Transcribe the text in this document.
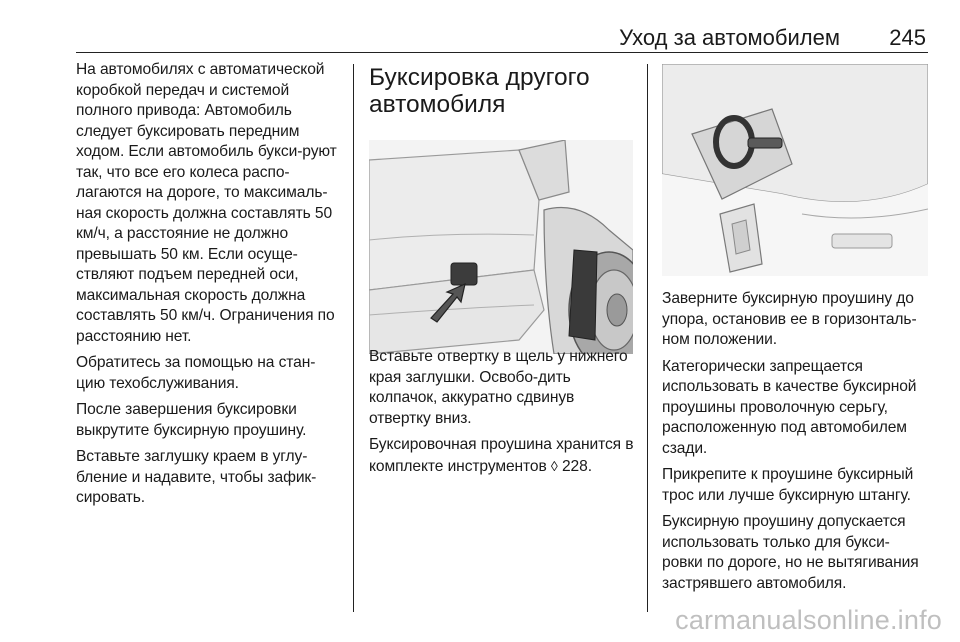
Уход за автомобилем 245

На автомобилях с автоматической коробкой передач и системой полного привода: Автомобиль следует буксировать передним ходом. Если автомобиль букси-руют так, что все его колеса распо-лагаются на дороге, то максималь-ная скорость должна составлять 50 км/ч, а расстояние не должно превышать 50 км. Если осуще-ствляют подъем передней оси, максимальная скорость должна составлять 50 км/ч. Ограничения по расстоянию нет.

Обратитесь за помощью на стан-цию техобслуживания.

После завершения буксировки выкрутите буксирную проушину.

Вставьте заглушку краем в углу-бление и надавите, чтобы зафик-сировать.

Буксировка другого автомобиля

Вставьте отвертку в щель у нижнего края заглушки. Освобо-дить колпачок, аккуратно сдвинув отвертку вниз.

Буксировочная проушина хранится в комплекте инструментов ◊ 228.

Заверните буксирную проушину до упора, остановив ее в горизонталь-ном положении.

Категорически запрещается использовать в качестве буксирной проушины проволочную серьгу, расположенную под автомобилем сзади.

Прикрепите к проушине буксирный трос или лучше буксирную штангу.

Буксирную проушину допускается использовать только для букси-ровки по дороге, но не вытягивания застрявшего автомобиля.

carmanualsonline.info
